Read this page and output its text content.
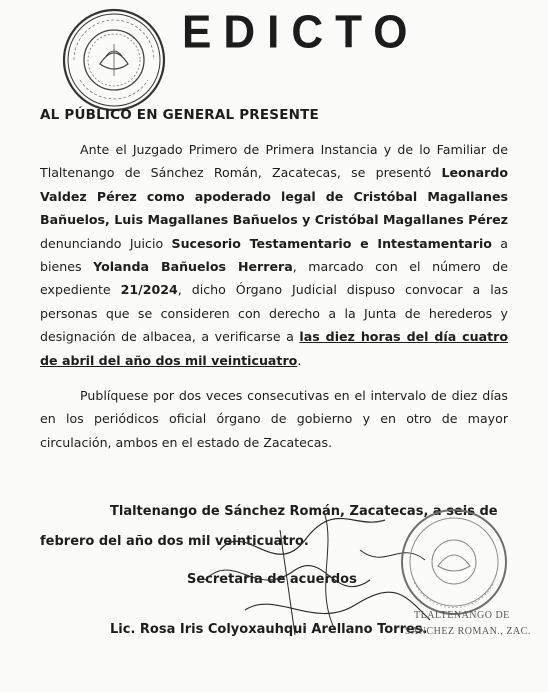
EDICTO
AL PÚBLICO EN GENERAL PRESENTE

Ante el Juzgado Primero de Primera Instancia y de lo Familiar de Tlaltenango de Sánchez Román, Zacatecas, se presentó Leonardo Valdez Pérez como apoderado legal de Cristóbal Magallanes Bañuelos, Luis Magallanes Bañuelos y Cristóbal Magallanes Pérez denunciando Juicio Sucesorio Testamentario e Intestamentario a bienes Yolanda Bañuelos Herrera, marcado con el número de expediente 21/2024, dicho Órgano Judicial dispuso convocar a las personas que se consideren con derecho a la Junta de herederos y designación de albacea, a verificarse a las diez horas del día cuatro de abril del año dos mil veinticuatro.

Publíquese por dos veces consecutivas en el intervalo de diez días en los periódicos oficial órgano de gobierno y en otro de mayor circulación, ambos en el estado de Zacatecas.

Tlaltenango de Sánchez Román, Zacatecas, a seis de
febrero del año dos mil veinticuatro.
Secretaria de acuerdos
Lic. Rosa Iris Colyoxauhqui Arellano Torres.
TLALTENANGO DE
SANCHEZ ROMAN., ZAC.
